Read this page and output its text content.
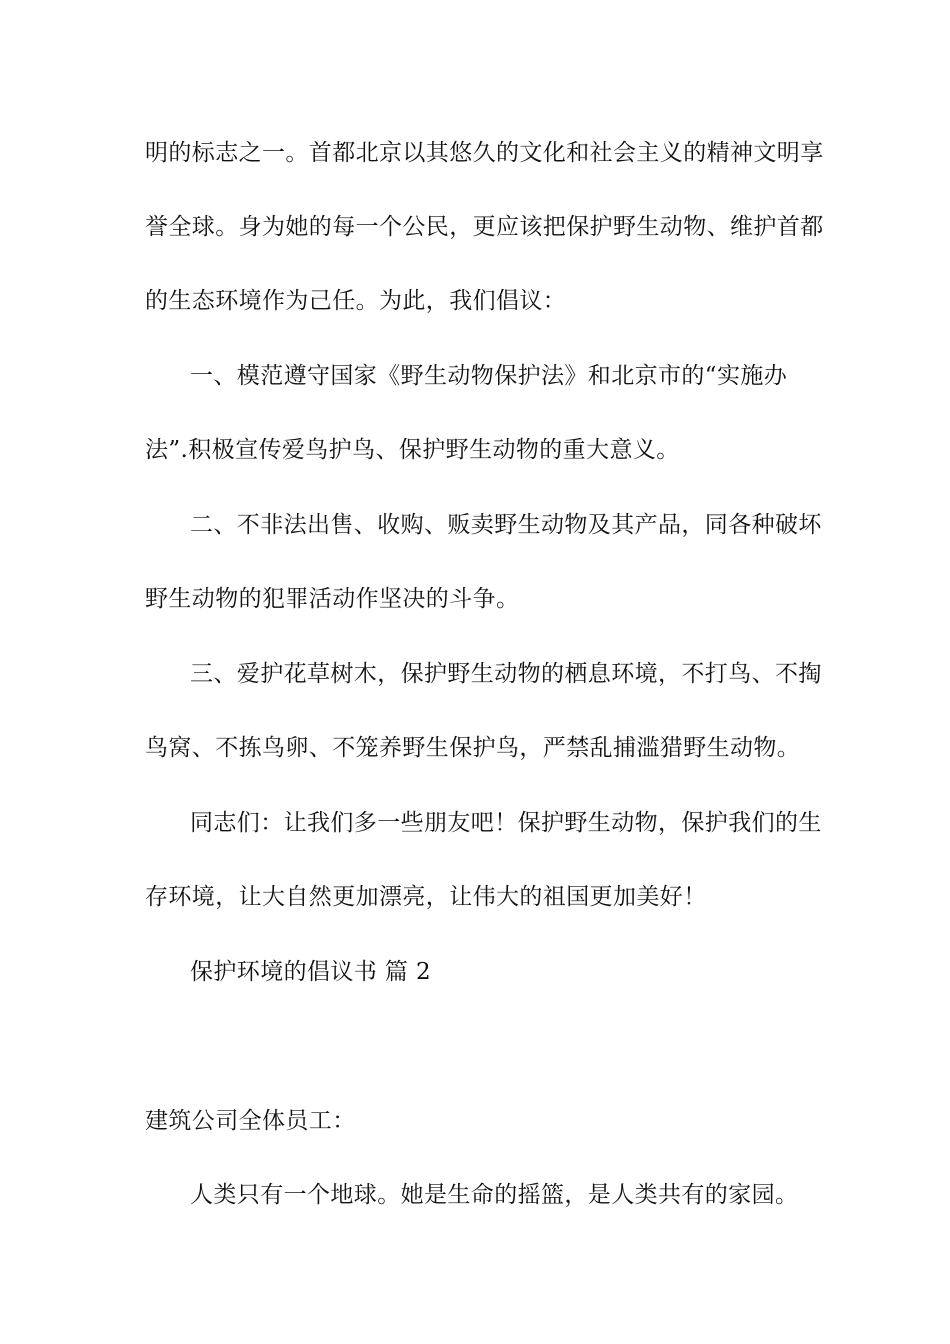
明的标志之一。首都北京以其悠久的文化和社会主义的精神文明享
誉全球。身为她的每一个公民，更应该把保护野生动物、维护首都
的生态环境作为己任。为此，我们倡议：
一、模范遵守国家《野生动物保护法》和北京市的“实施办
法”.积极宣传爱鸟护鸟、保护野生动物的重大意义。
二、不非法出售、收购、贩卖野生动物及其产品，同各种破坏
野生动物的犯罪活动作坚决的斗争。
三、爱护花草树木，保护野生动物的栖息环境，不打鸟、不掏
鸟窝、不拣鸟卵、不笼养野生保护鸟，严禁乱捕滥猎野生动物。
同志们：让我们多一些朋友吧！保护野生动物，保护我们的生
存环境，让大自然更加漂亮，让伟大的祖国更加美好！
保护环境的倡议书 篇 2
建筑公司全体员工：
人类只有一个地球。她是生命的摇篮，是人类共有的家园。
